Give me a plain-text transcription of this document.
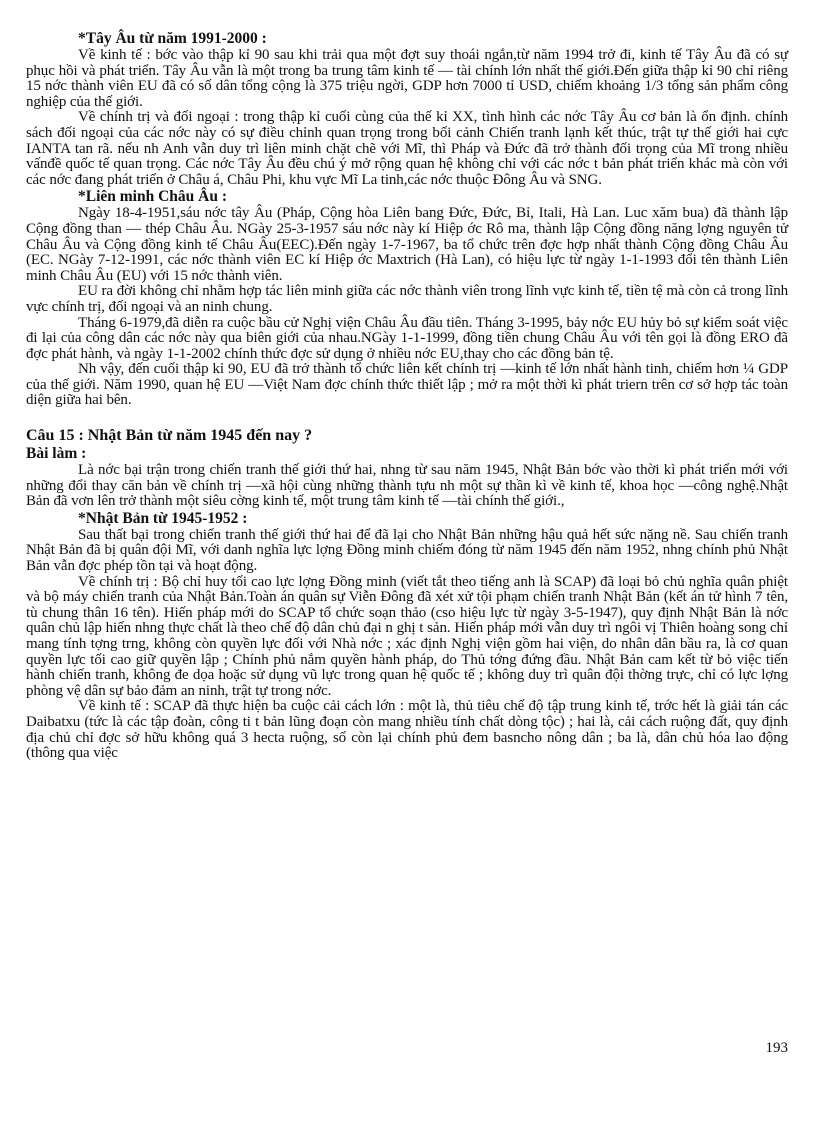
*Tây Âu từ năm 1991-2000 :

Về kinh tế : bớc vào thập kỉ 90 sau khi trải qua một đợt suy thoái ngắn,từ năm 1994 trở đi, kinh tế Tây Âu đã có sự phục hồi và phát triển. Tây Âu vẫn là một trong ba trung tâm kinh tế — tài chính lớn nhất thế giới.Đến giữa thập kỉ 90 chỉ riêng 15 nớc thành viên EU đã có số dân tổng cộng là 375 triệu ngời, GDP hơn 7000 tỉ USD, chiếm khoảng 1/3 tổng sản phẩm công nghiệp của thế giới.

Về chính trị và đối ngoại : trong thập kỉ cuối cùng của thế kỉ XX, tình hình các nớc Tây Âu cơ bản là ổn định. chính sách đối ngoại của các nớc này có sự điều chỉnh quan trọng trong bối cảnh Chiến tranh lạnh kết thúc, trật tự thế giới hai cực IANTA tan rã. nếu nh Anh vẫn duy trì liên minh chặt chẽ với Mĩ, thì Pháp và Đức đã trở thành đối trọng của Mĩ trong nhiều vấnđề quốc tế quan trọng. Các nớc Tây Âu đều chú ý mở rộng quan hệ không chỉ với các nớc t bản phát triển khác mà còn với các nớc đang phát triển ở Châu á, Châu Phi, khu vực Mĩ La tinh,các nớc thuộc Đông Âu và SNG.

*Liên minh Châu Âu :

Ngày 18-4-1951,sáu nớc tây Âu (Pháp, Cộng hòa Liên bang Đức, Đức, Bỉ, Itali, Hà Lan. Luc xăm bua) đã thành lập Cộng đồng than — thép Châu Âu. NGày 25-3-1957 sáu nớc này kí Hiệp ớc Rô ma, thành lập Cộng đồng năng lợng nguyên tử Châu Âu và Cộng đồng kinh tế Châu Âu(EEC).Đến ngày 1-7-1967, ba tổ chức trên đợc hợp nhất thành Cộng đồng Châu Âu (EC. NGày 7-12-1991, các nớc thành viên EC kí Hiệp ớc Maxtrich (Hà Lan), có hiệu lực từ ngày 1-1-1993 đổi tên thành Liên minh Châu Âu (EU) với 15 nớc thành viên.

EU ra đời không chỉ nhằm hợp tác liên minh giữa các nớc thành viên trong lĩnh vực kinh tế, tiền tệ mà còn cả trong lĩnh vực chính trị, đối ngoại và an ninh chung.

Tháng 6-1979,đã diễn ra cuộc bầu cử Nghị viện Châu Âu đầu tiên. Tháng 3-1995, bảy nớc EU hủy bỏ sự kiểm soát việc đi lại của công dân các nớc này qua biên giới của nhau.NGày 1-1-1999, đồng tiền chung Châu Âu với tên gọi là đồng ERO đã đợc phát hành, và ngày 1-1-2002 chính thức đợc sử dụng ở nhiều nớc EU,thay cho các đồng bản tệ.

Nh vậy, đến cuối thập kỉ 90, EU đã trở thành tổ chức liên kết chính trị —kinh tế lớn nhất hành tinh, chiếm hơn ¼ GDP của thế giới. Năm 1990, quan hệ EU —Việt Nam đợc chính thức thiết lập ; mở ra một thời kì phát triern trên cơ sở hợp tác toàn diện giữa hai bên.

Câu 15 : Nhật Bản từ năm 1945 đến nay ?
Bài làm :

Là nớc bại trận trong chiến tranh thế giới thứ hai, nhng từ sau năm 1945, Nhật Bản bớc vào thời kì phát triển mới với những đổi thay căn bản về chính trị —xã hội cùng những thành tựu nh một sự thần kì về kinh tế, khoa học —công nghệ.Nhật Bản đã vơn lên trở thành một siêu cờng kinh tế, một trung tâm kinh tế —tài chính thế giới.,

*Nhật Bản từ 1945-1952 :

Sau thất bại trong chiến tranh thế giới thứ hai để đã lại cho Nhật Bản những hậu quả hết sức nặng nề. Sau chiến tranh Nhật Bản đã bị quân đội Mĩ, với danh nghĩa lực lợng Đồng minh chiếm đóng từ năm 1945 đến năm 1952, nhng chính phủ Nhật Bản vẫn đợc phép tồn tại và hoạt động.

Về chính trị : Bộ chỉ huy tối cao lực lợng Đồng minh (viết tắt theo tiếng anh là SCAP) đã loại bỏ chủ nghĩa quân phiệt và bộ máy chiến tranh của Nhật Bản.Toàn án quân sự Viễn Đông đã xét xử tội phạm chiến tranh Nhật Bản (kết án tử hình 7 tên, tù chung thân 16 tên). Hiến pháp mới do SCAP tổ chức soạn thảo (cso hiệu lực từ ngày 3-5-1947), quy định Nhật Bản là nớc quân chủ lập hiến nhng thực chất là theo chế độ dân chủ đại n ghị t sản. Hiến pháp mới vẫn duy trì ngôi vị Thiên hoàng song chỉ mang tính tợng trng, không còn quyền lực đối với Nhà nớc ; xác định Nghị viện gồm hai viện, do nhân dân bầu ra, là cơ quan quyền lực tối cao giữ quyền lập ; Chính phủ nắm quyền hành pháp, do Thủ tớng đứng đầu. Nhật Bản cam kết từ bỏ việc tiến hành chiến tranh, không đe dọa hoặc sử dụng vũ lực trong quan hệ quốc tế ; không duy trì quân đội thờng trực, chỉ có lực lợng phòng vệ dân sự bảo đảm an ninh, trật tự trong nớc.

Về kinh tế : SCAP đã thực hiện ba cuộc cải cách lớn : một là, thủ tiêu chế độ tập trung kinh tế, trớc hết là giải tán các Daibatxu (tức là các tập đoàn, công ti t bản lũng đoạn còn mang nhiều tính chất dòng tộc) ; hai là, cải cách ruộng đất, quy định địa chủ chỉ đợc sở hữu không quá 3 hecta ruộng, số còn lại chính phủ đem basncho nông dân ; ba là, dân chủ hóa lao động (thông qua việc

193
